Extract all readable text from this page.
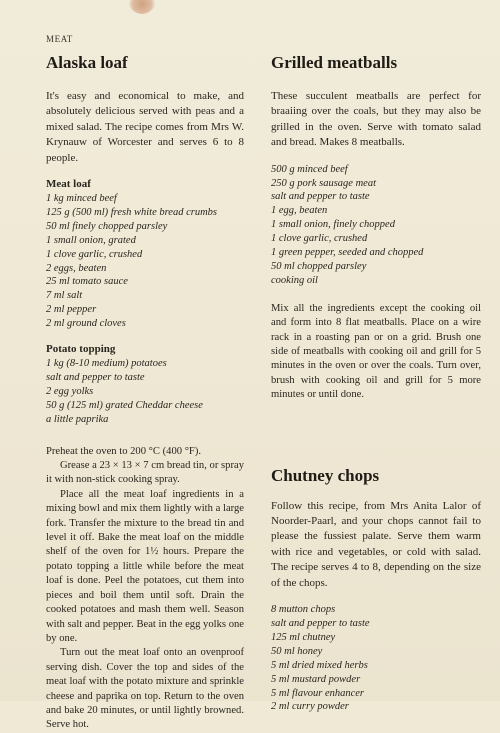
MEAT
Alaska loaf

It's easy and economical to make, and absolutely delicious served with peas and a mixed salad. The recipe comes from Mrs W. Krynauw of Worcester and serves 6 to 8 people.

Meat loaf

1 kg minced beef
125 g (500 ml) fresh white bread crumbs
50 ml finely chopped parsley
1 small onion, grated
1 clove garlic, crushed
2 eggs, beaten
25 ml tomato sauce
7 ml salt
2 ml pepper
2 ml ground cloves

Potato topping

1 kg (8-10 medium) potatoes
salt and pepper to taste
2 egg yolks
50 g (125 ml) grated Cheddar cheese
a little paprika

Preheat the oven to 200 °C (400 °F).

Grease a 23 × 13 × 7 cm bread tin, or spray it with non-stick cooking spray.

Place all the meat loaf ingredients in a mixing bowl and mix them lightly with a large fork. Transfer the mixture to the bread tin and level it off. Bake the meat loaf on the middle shelf of the oven for 1½ hours. Prepare the potato topping a little while before the meat loaf is done. Peel the potatoes, cut them into pieces and boil them until soft. Drain the cooked potatoes and mash them well. Season with salt and pepper. Beat in the egg yolks one by one.

Turn out the meat loaf onto an ovenproof serving dish. Cover the top and sides of the meat loaf with the potato mixture and sprinkle cheese and paprika on top. Return to the oven and bake 20 minutes, or until lightly browned. Serve hot.

Grilled meatballs

These succulent meatballs are perfect for braaiing over the coals, but they may also be grilled in the oven. Serve with tomato salad and bread. Makes 8 meatballs.

500 g minced beef
250 g pork sausage meat
salt and pepper to taste
1 egg, beaten
1 small onion, finely chopped
1 clove garlic, crushed
1 green pepper, seeded and chopped
50 ml chopped parsley
cooking oil

Mix all the ingredients except the cooking oil and form into 8 flat meatballs. Place on a wire rack in a roasting pan or on a grid. Brush one side of meatballs with cooking oil and grill for 5 minutes in the oven or over the coals. Turn over, brush with cooking oil and grill for 5 more minutes or until done.

Chutney chops

Follow this recipe, from Mrs Anita Lalor of Noorder-Paarl, and your chops cannot fail to please the fussiest palate. Serve them warm with rice and vegetables, or cold with salad. The recipe serves 4 to 8, depending on the size of the chops.

8 mutton chops
salt and pepper to taste
125 ml chutney
50 ml honey
5 ml dried mixed herbs
5 ml mustard powder
5 ml flavour enhancer
2 ml curry powder
